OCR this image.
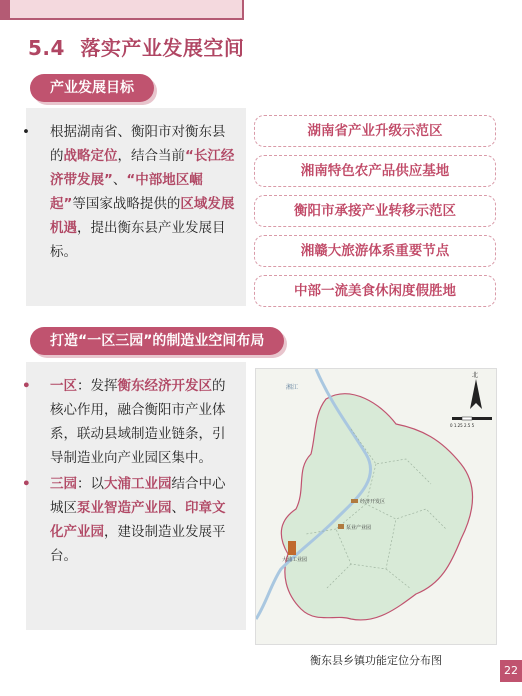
5.4 落实产业发展空间
产业发展目标

• 根据湖南省、衡阳市对衡东县的战略定位，结合当前“长江经济带发展”、“中部地区崛起”等国家战略提供的区域发展机遇，提出衡东县产业发展目标。

湖南省产业升级示范区
湘南特色农产品供应基地
衡阳市承接产业转移示范区
湘赣大旅游体系重要节点
中部一流美食休闲度假胜地
打造“一区三园”的制造业空间布局

• 一区：发挥衡东经济开发区的核心作用，融合衡阳市产业体系，联动县域制造业链条，引导制造业向产业园区集中。

• 三园：以大浦工业园结合中心城区泵业智造产业园、印章文化产业园，建设制造业发展平台。

经济开发区
泵业产业园
大浦工业园
湘江
北
0 1.25 2.5 5
衡东县乡镇功能定位分布图
22
